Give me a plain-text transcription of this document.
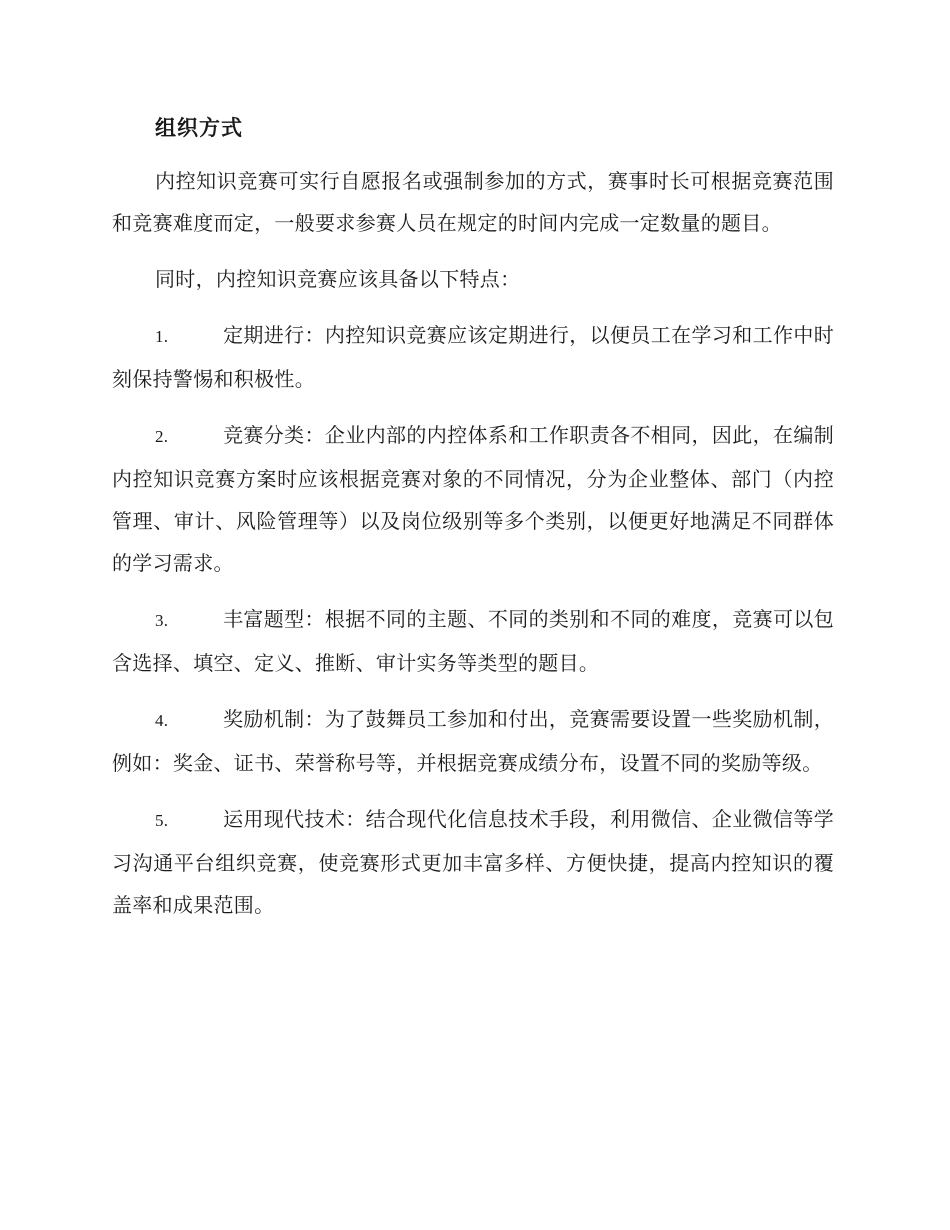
组织方式

内控知识竞赛可实行自愿报名或强制参加的方式，赛事时长可根据竞赛范围和竞赛难度而定，一般要求参赛人员在规定的时间内完成一定数量的题目。

同时，内控知识竞赛应该具备以下特点：

1.	定期进行：内控知识竞赛应该定期进行，以便员工在学习和工作中时刻保持警惕和积极性。

2.	竞赛分类：企业内部的内控体系和工作职责各不相同，因此，在编制内控知识竞赛方案时应该根据竞赛对象的不同情况，分为企业整体、部门（内控管理、审计、风险管理等）以及岗位级别等多个类别，以便更好地满足不同群体的学习需求。

3.	丰富题型：根据不同的主题、不同的类别和不同的难度，竞赛可以包含选择、填空、定义、推断、审计实务等类型的题目。

4.	奖励机制：为了鼓舞员工参加和付出，竞赛需要设置一些奖励机制，例如：奖金、证书、荣誉称号等，并根据竞赛成绩分布，设置不同的奖励等级。

5.	运用现代技术：结合现代化信息技术手段，利用微信、企业微信等学习沟通平台组织竞赛，使竞赛形式更加丰富多样、方便快捷，提高内控知识的覆盖率和成果范围。
